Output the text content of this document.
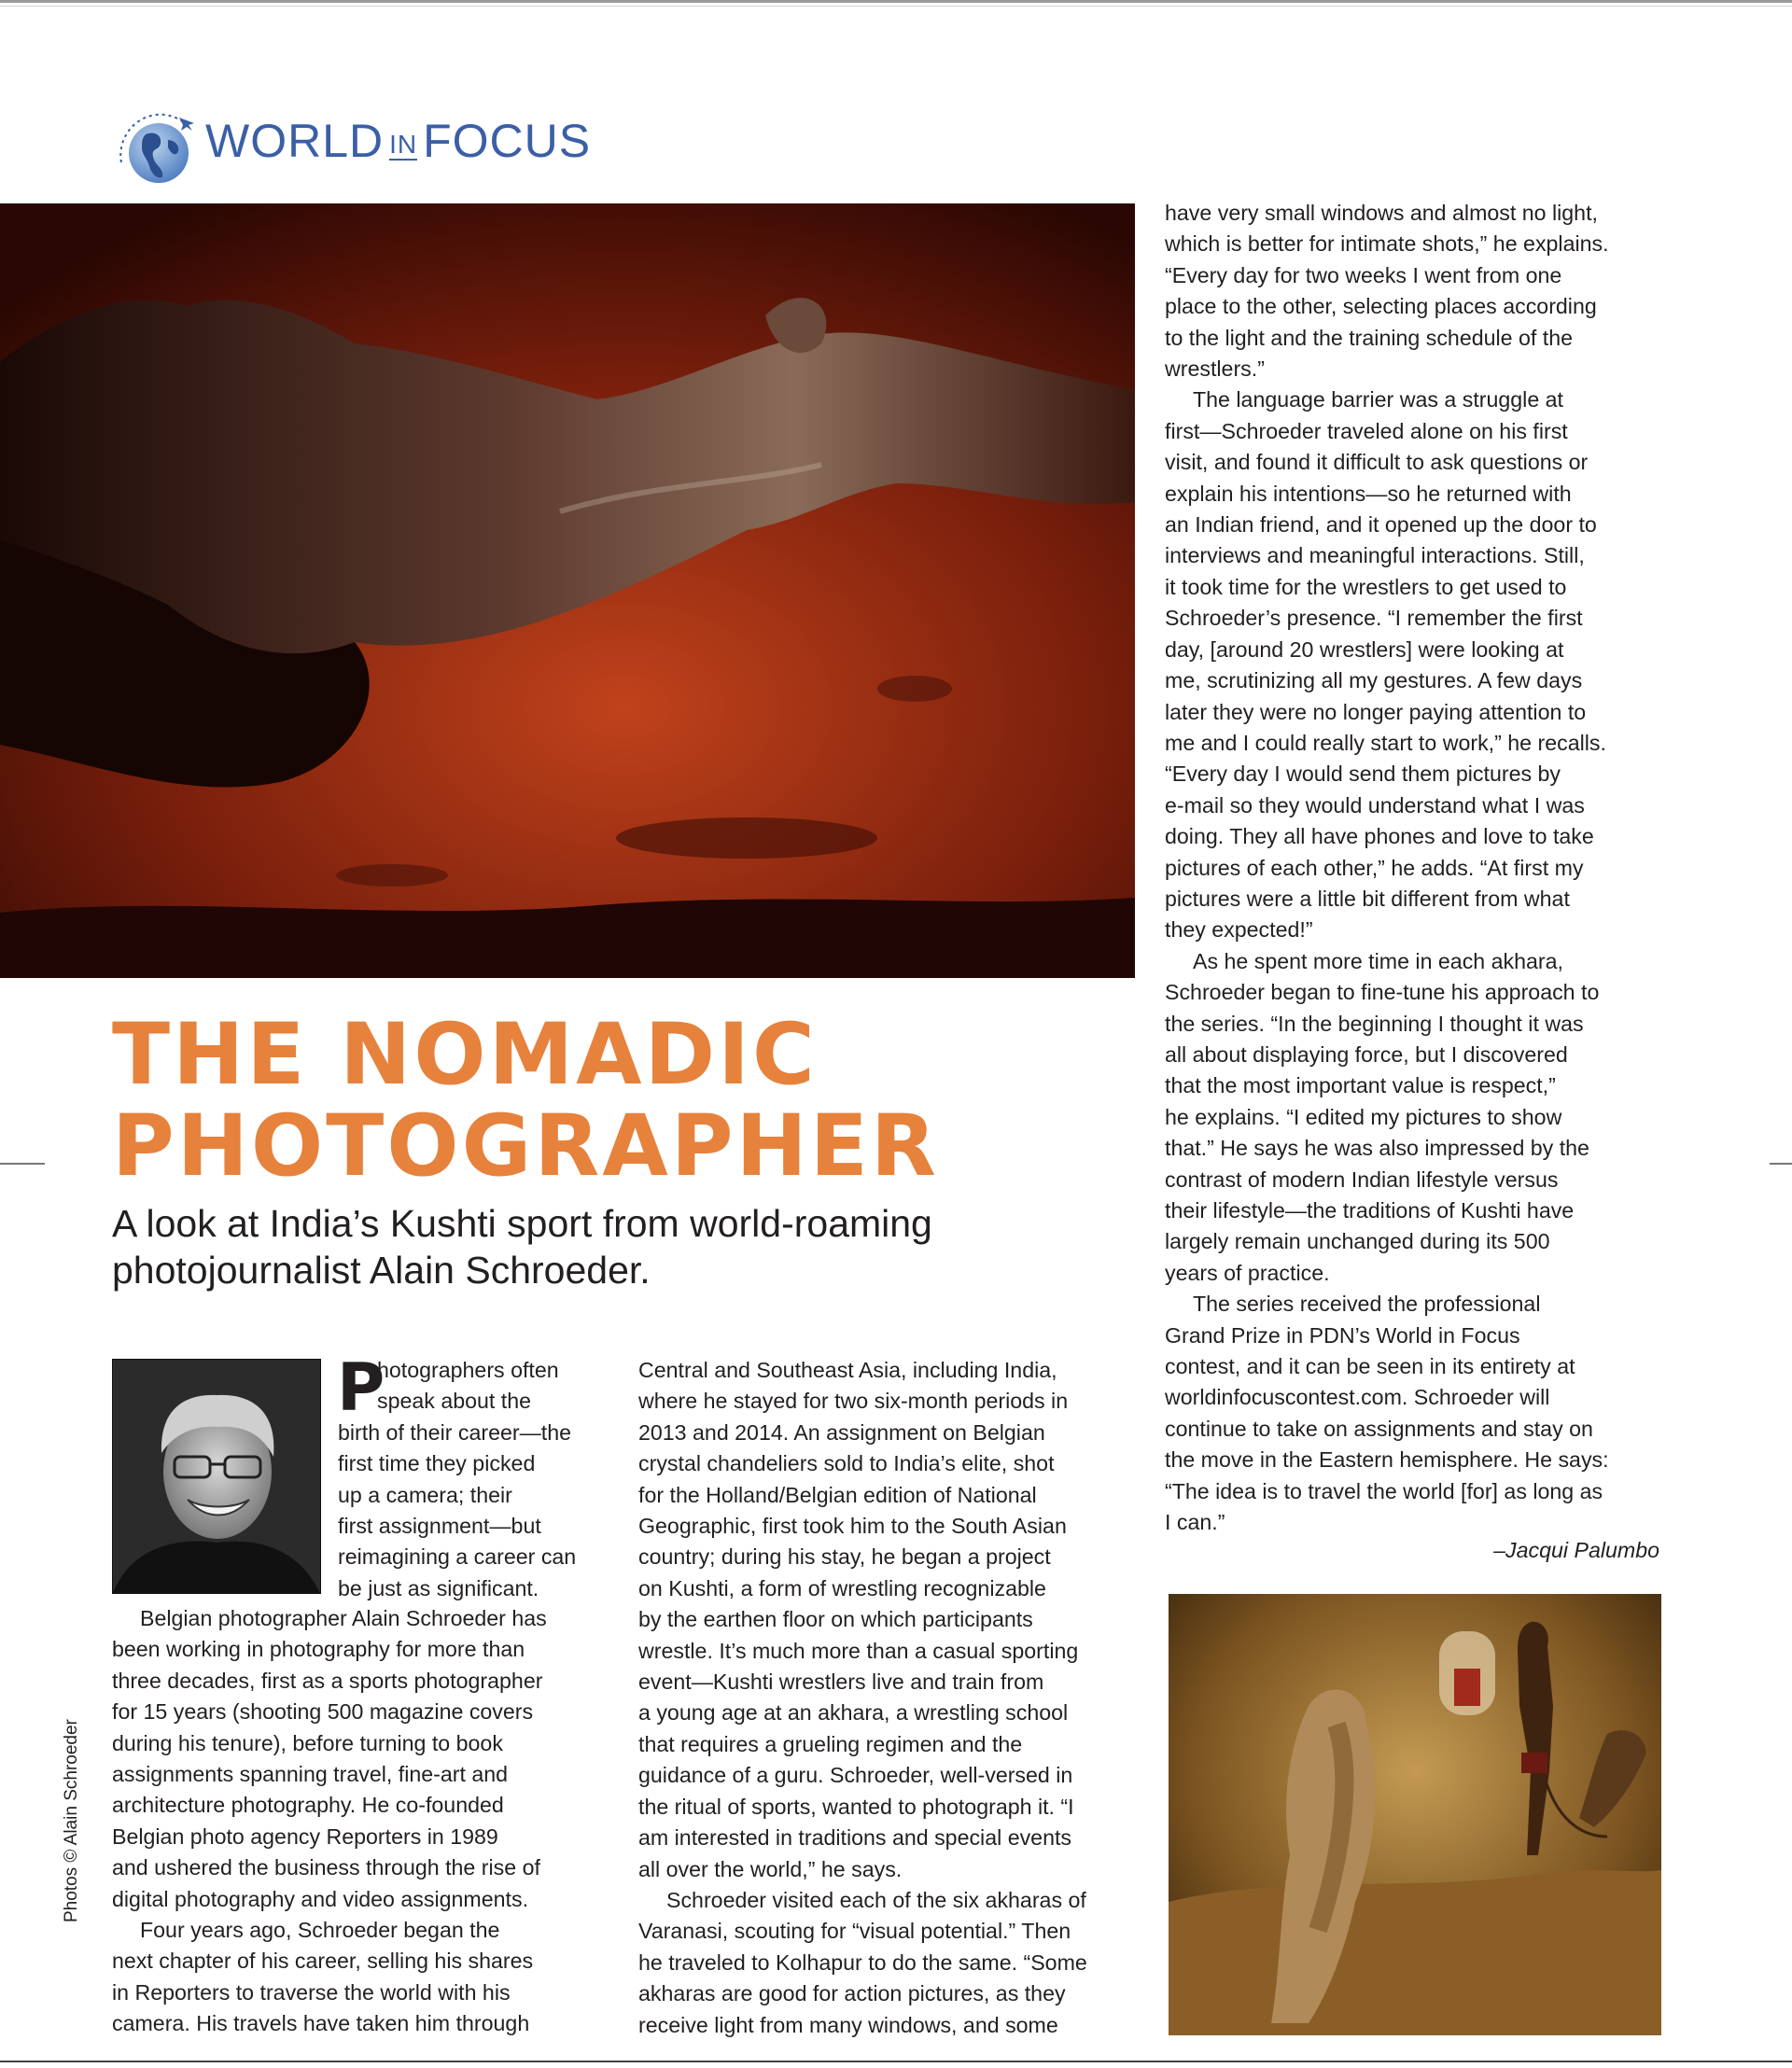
WORLD IN FOCUS
THE NOMADIC
PHOTOGRAPHER
A look at India’s Kushti sport from world-roaming
photojournalist Alain Schroeder.
Photos © Alain Schroeder
P
hotographers often
speak about the
birth of their career—the
first time they picked
up a camera; their
first assignment—but
reimagining a career can
be just as significant.
Belgian photographer Alain Schroeder has
been working in photography for more than
three decades, first as a sports photographer
for 15 years (shooting 500 magazine covers
during his tenure), before turning to book
assignments spanning travel, fine-art and
architecture photography. He co-founded
Belgian photo agency Reporters in 1989
and ushered the business through the rise of
digital photography and video assignments.
Four years ago, Schroeder began the
next chapter of his career, selling his shares
in Reporters to traverse the world with his
camera. His travels have taken him through
Central and Southeast Asia, including India,
where he stayed for two six-month periods in
2013 and 2014. An assignment on Belgian
crystal chandeliers sold to India’s elite, shot
for the Holland/Belgian edition of National
Geographic, first took him to the South Asian
country; during his stay, he began a project
on Kushti, a form of wrestling recognizable
by the earthen floor on which participants
wrestle. It’s much more than a casual sporting
event—Kushti wrestlers live and train from
a young age at an akhara, a wrestling school
that requires a grueling regimen and the
guidance of a guru. Schroeder, well-versed in
the ritual of sports, wanted to photograph it. “I
am interested in traditions and special events
all over the world,” he says.
Schroeder visited each of the six akharas of
Varanasi, scouting for “visual potential.” Then
he traveled to Kolhapur to do the same. “Some
akharas are good for action pictures, as they
receive light from many windows, and some
have very small windows and almost no light,
which is better for intimate shots,” he explains.
“Every day for two weeks I went from one
place to the other, selecting places according
to the light and the training schedule of the
wrestlers.”
The language barrier was a struggle at
first—Schroeder traveled alone on his first
visit, and found it difficult to ask questions or
explain his intentions—so he returned with
an Indian friend, and it opened up the door to
interviews and meaningful interactions. Still,
it took time for the wrestlers to get used to
Schroeder’s presence. “I remember the first
day, [around 20 wrestlers] were looking at
me, scrutinizing all my gestures. A few days
later they were no longer paying attention to
me and I could really start to work,” he recalls.
“Every day I would send them pictures by
e-mail so they would understand what I was
doing. They all have phones and love to take
pictures of each other,” he adds. “At first my
pictures were a little bit different from what
they expected!”
As he spent more time in each akhara,
Schroeder began to fine-tune his approach to
the series. “In the beginning I thought it was
all about displaying force, but I discovered
that the most important value is respect,”
he explains. “I edited my pictures to show
that.” He says he was also impressed by the
contrast of modern Indian lifestyle versus
their lifestyle—the traditions of Kushti have
largely remain unchanged during its 500
years of practice.
The series received the professional
Grand Prize in PDN’s World in Focus
contest, and it can be seen in its entirety at
worldinfocuscontest.com. Schroeder will
continue to take on assignments and stay on
the move in the Eastern hemisphere. He says:
“The idea is to travel the world [for] as long as
I can.”
–Jacqui Palumbo
